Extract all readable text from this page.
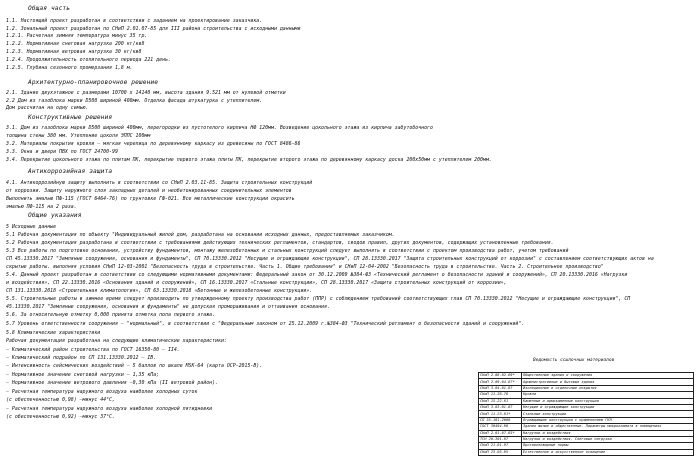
Общая часть
1.1. Настоящий проект разработан в соответствии с заданием на проектирование заказчика.
1.2. Зональный проект разработан по СНиП 2.01.07-85 для III района строительства с исходными данными
1.2.1. Расчетная зимняя температура минус 35 гр.
1.2.2. Нормативная снеговая нагрузка 200 кг/кв8
1.2.3. Нормативная ветровая нагрузка 30 кг/кв8
1.2.4. Продолжительность отопительного периода 221 день.
1.2.5. Глубина сезонного промерзания 1,8 м.
Архитектурно-планировочное решение
2.1. Здание двухэтажное с размерами 10700 х 14140 мм, высота здания 9.521 мм от нулевой отметки
2.2 Дом из газоблока марки D500 шириной 400мм. Отделка фасада штукатурка с утеплителем.
Дом рассчитан на одну семью.
Конструктивные решения
3.1. Дом из газоблока марки D500 шириной 400мм, перегородки из пустотелого кирпича НФ 120мм. Возведение цокольного этажа из кирпича забутобочного
толщина стены 380 мм. Утепление цоколя ЭППС 100мм
3.2. Материалы покрытия кровли – мягкая черепица по деревянному каркасу из древесины по ГОСТ 8486-86
3.3. Окна и двери ПВХ по ГОСТ 24700-99
3.4. Перекрытие цокольного этажа по плитам ПК, перекрытие первого этажа плиты ПК, перекрытие второго этажа по деревянному каркасу доска 200х50мм с утеплителем 200мм.
Антикоррозийная защита
4.1. Антикоррозийную защиту выполнить в соответствии со СНиП 2.03.11-85. Защита строительных конструкций
от коррозии. Защиту наружного слоя закладных деталей и необетонированных соединительных элементов
Выполнить эмалью ПФ-115 (ГОСТ 6464-76) по грунтовке ГФ-021. Все металлические конструкции окрасить
эмалью ПФ-115 на 2 раза.
Общие указания
5 Исходные данные
5.1 Рабочая документация по объекту "Индивидуальный жилой дом, разработана на основании исходных данных, предоставляемых заказчиком.
5.2 Рабочая документация разработана в соответствии с требованиями действующих технических регламентов, стандартов, сводов правил, других документов, содержащих установленные требования.
5.3 Все работы по подготовке основания, устройству фундаментов, монтажу железобетонных и стальных конструкций следует выполнять в соответствии с проектом производства работ, учетом требований
СП 45.13330.2017 "Земляные сооружения, основания и фундаменты", СП 70.13330.2012 "Несущие и ограждающие конструкции", СП 28.13330.2017 "Защита строительных конструкций от коррозии" с составлением соответствующих актов на
скрытые работы. выполняя условия СНиП 12-03-2001 "Безопасность труда в строительстве. Часть 1. Общие требования" и СНиП 12-04-2002 "Безопасность труда в строительстве. Часть 2. Строительное производство"
5.4. Данный проект разработан в соответствии со следующими нормативными документами: Федеральный закон от 30.12.2009 №384-ФЗ «Технический регламент о безопасности зданий и сооружений», СП 20.13330.2016 «Нагрузки
и воздействия», СП 22.13330.2016 «Основания зданий и сооружений», СП 16.13330.2017 «Стальные конструкции», СП 28.13330.2017 «Защита строительных конструкций от коррозии»,
СП 131.13330.2018 «Строительная климатология», СП 63.13330.2018 «Бетонные и железобетонные конструкции».
5.5. Строительные работы в зимнее время следует производить по утвержденному проекту производства работ (ППР) с соблюдением требований соответствующих глав СП 70.13330.2012 "Несущие и ограждающие конструкции", СП
45.13330.2017 "Земляные сооружения, основания и фундаменты" не допуская промораживания и оттаивания основания.
5.6. За относительную отметку 0,000 принята отметка пола первого этажа.
5.7 Уровень ответственности сооружения – "нормальный", в соответствии с "Федеральным законом от 25.12.2009 г.№384-ФЗ "Технический регламент о безопасности зданий и сооружений".
5.8 Климатические характеристики
Рабочая документация разработана на следующие климатические характеристики:
– Климатический район строительства по ГОСТ 16350-80 – II4.
– Климатический подрайон по СП 131.13330.2012 – IВ.
– Интенсивность сейсмических воздействий – 5 баллов по шкале MSK-64 (карта ОСР-2015-В).
– Нормативное значение снеговой нагрузки – 1,35 кПа;
– Нормативное значение ветрового давления –0,30 кПа (II ветровой район).
– Расчетная температура наружного воздуха наиболее холодных суток
(с обеспеченностью 0,98) –минус 44°С,
– Расчетная температура наружного воздуха наиболее холодной пятидневки
(с обеспеченностью 0,92) –минус 37°С.
Ведомость ссылочных материалов
СНиП 2.08.02-89*	Общественные здания и сооружения
СНиП 2.09.04-87*	Административные и бытовые здания
СНиП 3.04.01-87	Изоляционные и отделочные покрытия
СНиП 11-26-76	Кровли
СНиП 15-22-81	Каменные и армокаменные конструкции
СНиП 3.03.01-87	Несущие и ограждающие конструкции
СНиП 11-23-81*	Стальные конструкции
СП 55-101-2000	Ограждающие конструкции с применением ГКЛ
ГОСТ 30494-96	Здания жилые и общественные. Параметры микроклимата в помещениях
СНиП 2.01.07-85*	Нагрузки и воздействия
ТСН 20-301-97	Нагрузки и воздействия. Снеговые нагрузки
СНиП 21-01-97	Противопожарные нормы
СНиП 23-05-95	Естественное и искусственное освещение
